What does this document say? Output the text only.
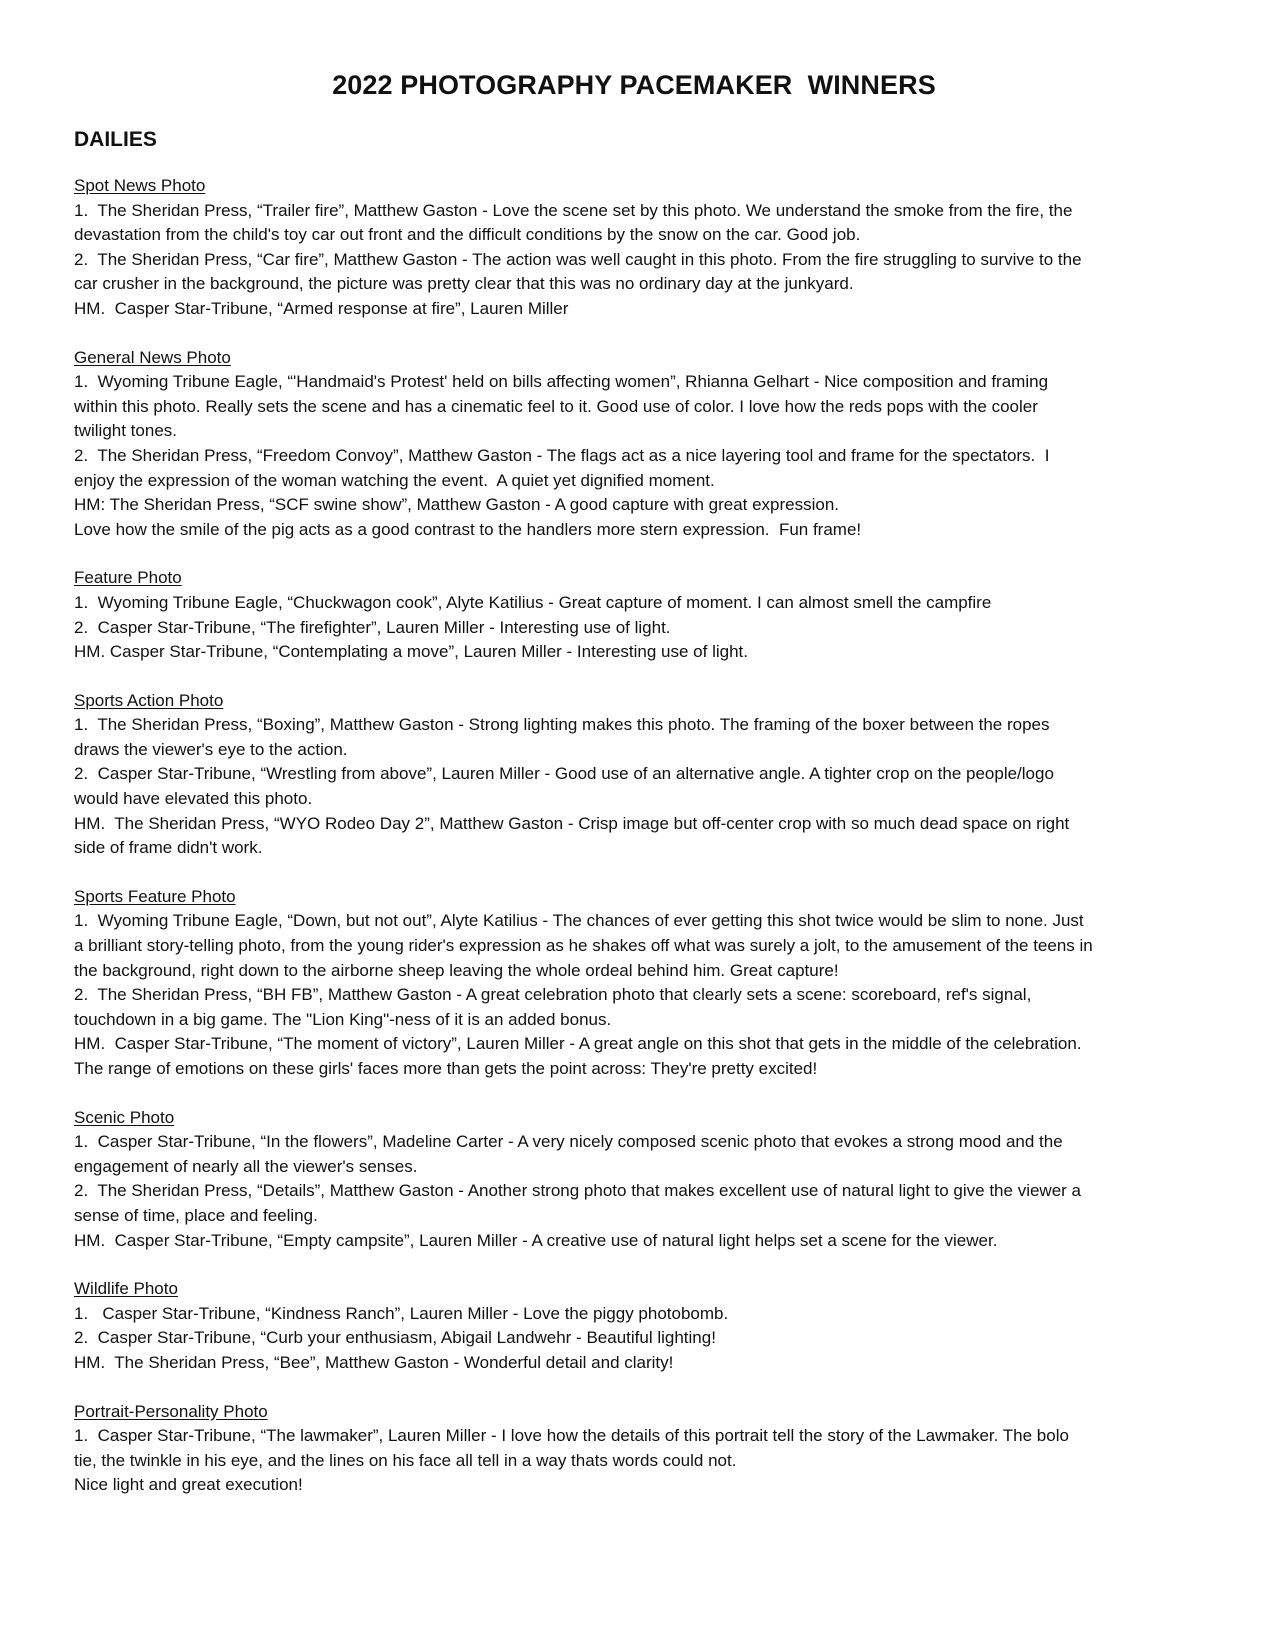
2022 PHOTOGRAPHY PACEMAKER  WINNERS
DAILIES
Spot News Photo
1.  The Sheridan Press, “Trailer fire”, Matthew Gaston - Love the scene set by this photo. We understand the smoke from the fire, the
devastation from the child's toy car out front and the difficult conditions by the snow on the car. Good job.
2.  The Sheridan Press, “Car fire”, Matthew Gaston - The action was well caught in this photo. From the fire struggling to survive to the
car crusher in the background, the picture was pretty clear that this was no ordinary day at the junkyard.
HM.  Casper Star-Tribune, “Armed response at fire”, Lauren Miller
General News Photo
1.  Wyoming Tribune Eagle, “'Handmaid's Protest' held on bills affecting women”, Rhianna Gelhart - Nice composition and framing
within this photo. Really sets the scene and has a cinematic feel to it. Good use of color. I love how the reds pops with the cooler
twilight tones.
2.  The Sheridan Press, “Freedom Convoy”, Matthew Gaston - The flags act as a nice layering tool and frame for the spectators.  I
enjoy the expression of the woman watching the event.  A quiet yet dignified moment.
HM: The Sheridan Press, “SCF swine show”, Matthew Gaston - A good capture with great expression.
Love how the smile of the pig acts as a good contrast to the handlers more stern expression.  Fun frame!
Feature Photo
1.  Wyoming Tribune Eagle, “Chuckwagon cook”, Alyte Katilius - Great capture of moment. I can almost smell the campfire
2.  Casper Star-Tribune, “The firefighter”, Lauren Miller - Interesting use of light.
HM. Casper Star-Tribune, “Contemplating a move”, Lauren Miller - Interesting use of light.
Sports Action Photo
1.  The Sheridan Press, “Boxing”, Matthew Gaston - Strong lighting makes this photo. The framing of the boxer between the ropes
draws the viewer's eye to the action.
2.  Casper Star-Tribune, “Wrestling from above”, Lauren Miller - Good use of an alternative angle. A tighter crop on the people/logo
would have elevated this photo.
HM.  The Sheridan Press, “WYO Rodeo Day 2”, Matthew Gaston - Crisp image but off-center crop with so much dead space on right
side of frame didn't work.
Sports Feature Photo
1.  Wyoming Tribune Eagle, “Down, but not out”, Alyte Katilius - The chances of ever getting this shot twice would be slim to none. Just
a brilliant story-telling photo, from the young rider's expression as he shakes off what was surely a jolt, to the amusement of the teens in
the background, right down to the airborne sheep leaving the whole ordeal behind him. Great capture!
2.  The Sheridan Press, “BH FB”, Matthew Gaston - A great celebration photo that clearly sets a scene: scoreboard, ref's signal,
touchdown in a big game. The "Lion King"-ness of it is an added bonus.
HM.  Casper Star-Tribune, “The moment of victory”, Lauren Miller - A great angle on this shot that gets in the middle of the celebration.
The range of emotions on these girls' faces more than gets the point across: They're pretty excited!
Scenic Photo
1.  Casper Star-Tribune, “In the flowers”, Madeline Carter - A very nicely composed scenic photo that evokes a strong mood and the
engagement of nearly all the viewer's senses.
2.  The Sheridan Press, “Details”, Matthew Gaston - Another strong photo that makes excellent use of natural light to give the viewer a
sense of time, place and feeling.
HM.  Casper Star-Tribune, “Empty campsite”, Lauren Miller - A creative use of natural light helps set a scene for the viewer.
Wildlife Photo
1.   Casper Star-Tribune, “Kindness Ranch”, Lauren Miller - Love the piggy photobomb.
2.  Casper Star-Tribune, “Curb your enthusiasm, Abigail Landwehr - Beautiful lighting!
HM.  The Sheridan Press, “Bee”, Matthew Gaston - Wonderful detail and clarity!
Portrait-Personality Photo
1.  Casper Star-Tribune, “The lawmaker”, Lauren Miller - I love how the details of this portrait tell the story of the Lawmaker. The bolo
tie, the twinkle in his eye, and the lines on his face all tell in a way thats words could not.
Nice light and great execution!
